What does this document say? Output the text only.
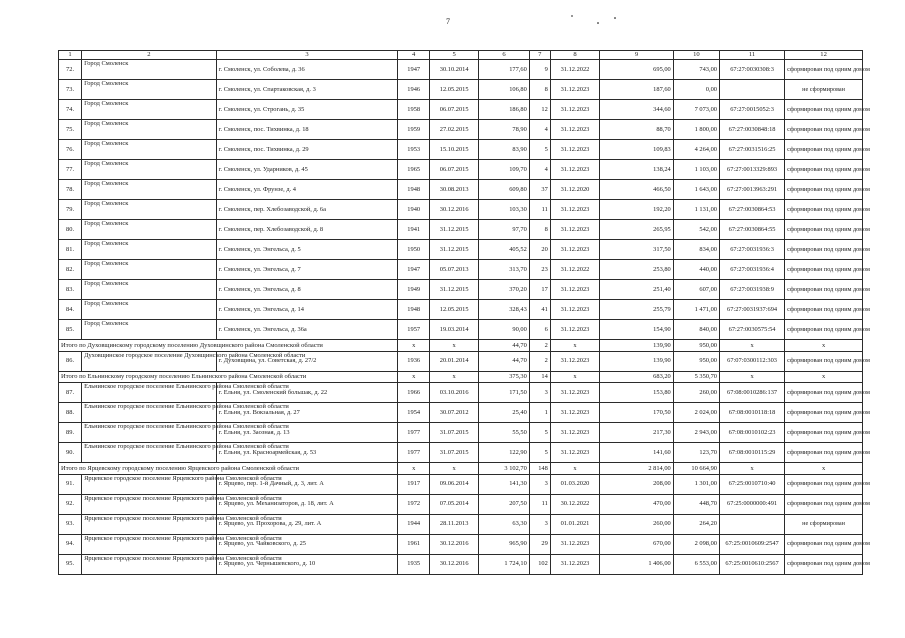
7
1	2	3	4	5	6	7	8	9	10	11	12
72.	Город Смоленск	г. Смоленск, ул. Соболева, д. 36	1947	30.10.2014	177,60	9	31.12.2022	695,00	743,00	67:27:0030308:3	сформирован под одним домом
73.	Город Смоленск	г. Смоленск, ул. Спартаковская, д. 3	1946	12.05.2015	106,80	8	31.12.2023	187,60	0,00		не сформирован
74.	Город Смоленск	г. Смоленск, ул. Строгань, д. 35	1958	06.07.2015	186,80	12	31.12.2023	344,60	7 073,00	67:27:0015052:3	сформирован под одним домом
75.	Город Смоленск	г. Смоленск, пос. Тихвинка, д. 18	1959	27.02.2015	78,90	4	31.12.2023	88,70	1 800,00	67:27:0030848:18	сформирован под одним домом
76.	Город Смоленск	г. Смоленск, пос. Тихвинка, д. 29	1953	15.10.2015	83,90	5	31.12.2023	109,83	4 264,00	67:27:0031516:25	сформирован под одним домом
77.	Город Смоленск	г. Смоленск, ул. Ударников, д. 45	1965	06.07.2015	109,70	4	31.12.2023	138,24	1 103,00	67:27:0013329:893	сформирован под одним домом
78.	Город Смоленск	г. Смоленск, ул. Фрунзе, д. 4	1948	30.08.2013	609,80	37	31.12.2020	466,50	1 643,00	67:27:0013963:291	сформирован под одним домом
79.	Город Смоленск	г. Смоленск, пер. Хлебозаводской, д. 6а	1940	30.12.2016	103,30	11	31.12.2023	192,20	1 131,00	67:27:0030864:53	сформирован под одним домом
80.	Город Смоленск	г. Смоленск, пер. Хлебозаводской, д. 8	1941	31.12.2015	97,70	8	31.12.2023	265,95	542,00	67:27:0030864:55	сформирован под одним домом
81.	Город Смоленск	г. Смоленск, ул. Энгельса, д. 5	1950	31.12.2015	405,52	20	31.12.2023	317,50	834,00	67:27:0031936:3	сформирован под одним домом
82.	Город Смоленск	г. Смоленск, ул. Энгельса, д. 7	1947	05.07.2013	313,70	23	31.12.2022	253,80	440,00	67:27:0031936:4	сформирован под одним домом
83.	Город Смоленск	г. Смоленск, ул. Энгельса, д. 8	1949	31.12.2015	370,20	17	31.12.2023	251,40	607,00	67:27:0031938:9	сформирован под одним домом
84.	Город Смоленск	г. Смоленск, ул. Энгельса, д. 14	1948	12.05.2015	328,43	41	31.12.2023	255,79	1 471,00	67:27:0031937:694	сформирован под одним домом
85.	Город Смоленск	г. Смоленск, ул. Энгельса, д. 36а	1957	19.03.2014	90,00	6	31.12.2023	154,90	840,00	67:27:0030575:54	сформирован под одним домом
Итого по Духовщинскому городскому поселению Духовщинского района Смоленской области			x	x	44,70	2	x	139,90	950,00	x	x
86.	Духовщинское городское поселение Духовщинского района Смоленской области	г. Духовщина, ул. Советская, д. 27/2	1936	20.01.2014	44,70	2	31.12.2023	139,90	950,00	67:07:0300112:303	сформирован под одним домом
Итого по Ельнинскому городскому поселению Ельнинского района Смоленской области			x	x	375,30	14	x	683,20	5 350,70	x	x
87.	Ельнинское городское поселение Ельнинского района Смоленской области	г. Ельня, ул. Смоленский большак, д. 22	1966	03.10.2016	171,50	3	31.12.2023	153,80	260,00	67:08:0010286:137	сформирован под одним домом
88.	Ельнинское городское поселение Ельнинского района Смоленской области	г. Ельня, ул. Вокзальная, д. 27	1954	30.07.2012	25,40	1	31.12.2023	170,50	2 024,00	67:08:0010118:18	сформирован под одним домом
89.	Ельнинское городское поселение Ельнинского района Смоленской области	г. Ельня, ул. Заозная, д. 13	1977	31.07.2015	55,50	5	31.12.2023	217,30	2 943,00	67:08:0010102:23	сформирован под одним домом
90.	Ельнинское городское поселение Ельнинского района Смоленской области	г. Ельня, ул. Красноармейская, д. 53	1977	31.07.2015	122,90	5	31.12.2023	141,60	123,70	67:08:0010115:29	сформирован под одним домом
Итого по Ярцевскому городскому поселению Ярцевского района Смоленской области			x	x	3 102,70	148	x	2 814,00	10 664,90	x	x
91.	Ярцевское городское поселение Ярцевского района Смоленской области	г. Ярцево, пер. 1-й Дачный, д. 3, лит. А	1917	09.06.2014	141,30	3	01.03.2020	208,00	1 301,00	67:25:0010710:40	сформирован под одним домом
92.	Ярцевское городское поселение Ярцевского района Смоленской области	г. Ярцево, ул. Механизаторов, д. 18, лит. А	1972	07.05.2014	207,50	11	30.12.2022	470,00	448,70	67:25:0000000:491	сформирован под одним домом
93.	Ярцевское городское поселение Ярцевского района Смоленской области	г. Ярцево, ул. Прохорова, д. 29, лит. А	1944	28.11.2013	63,30	3	01.01.2021	260,00	264,20		не сформирован
94.	Ярцевское городское поселение Ярцевского района Смоленской области	г. Ярцево, ул. Чайковского, д. 25	1961	30.12.2016	965,90	29	31.12.2023	670,00	2 098,00	67:25:0010609:2547	сформирован под одним домом
95.	Ярцевское городское поселение Ярцевского района Смоленской области	г. Ярцево, ул. Чернышевского, д. 10	1935	30.12.2016	1 724,10	102	31.12.2023	1 406,00	6 553,00	67:25:0010610:2567	сформирован под одним домом
